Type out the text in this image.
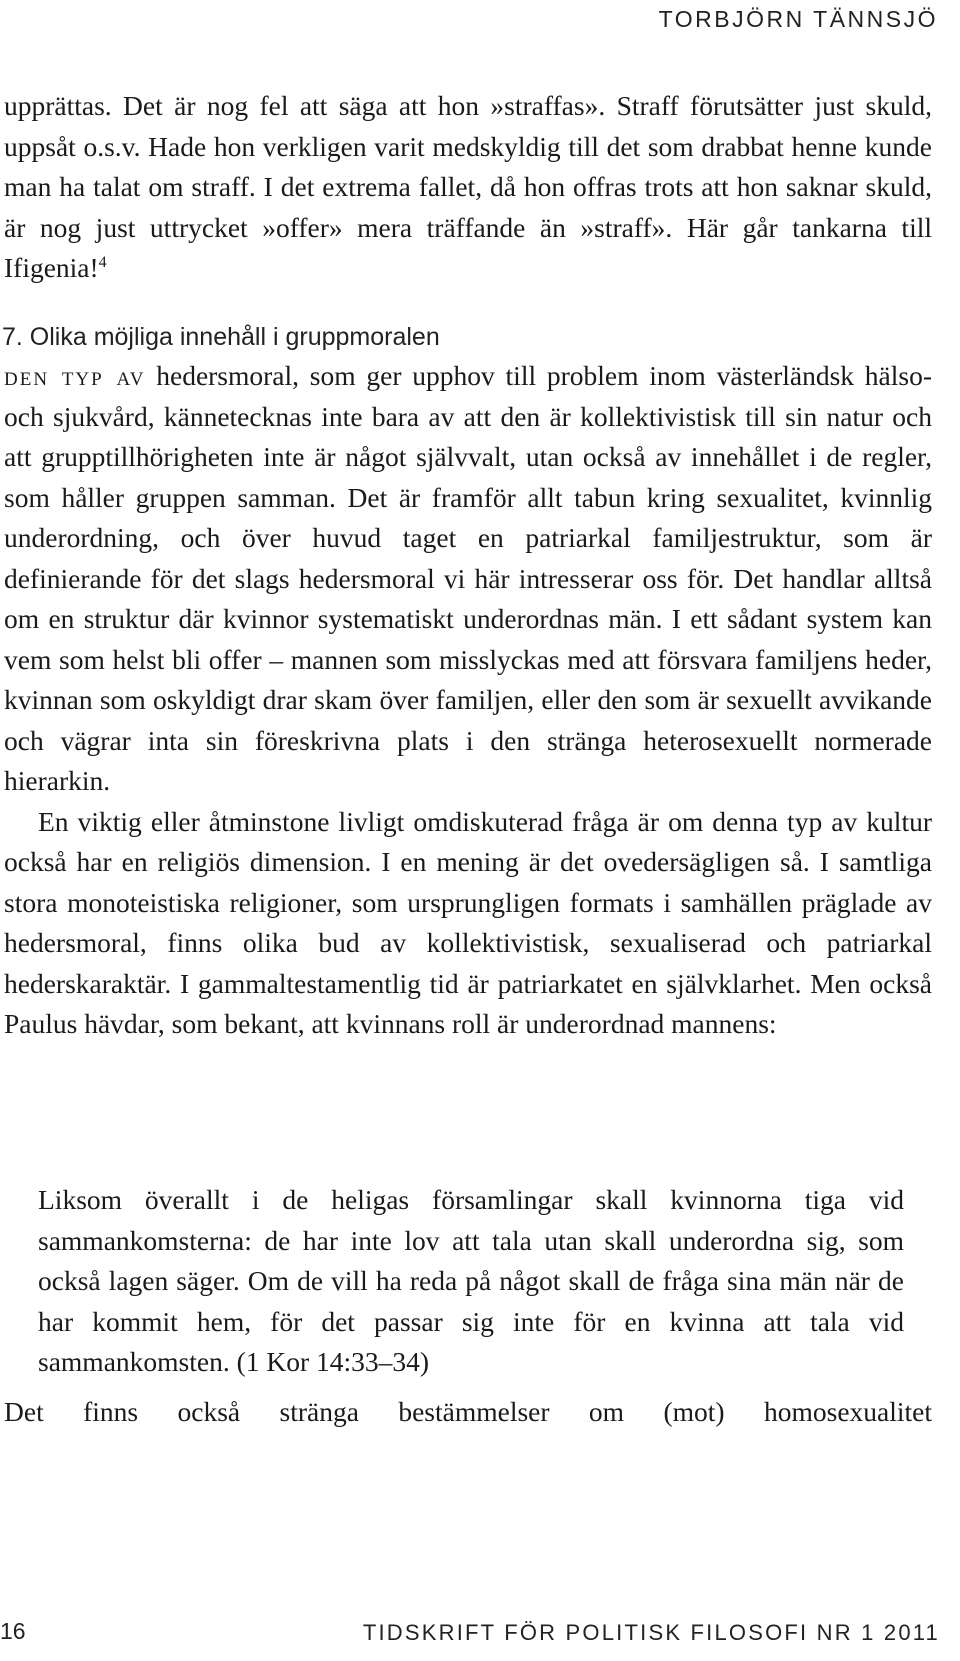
TORBJÖRN TÄNNSJÖ

upprättas. Det är nog fel att säga att hon »straffas». Straff förutsätter just skuld, uppsåt o.s.v. Hade hon verkligen varit medskyldig till det som drabbat henne kunde man ha talat om straff. I det extrema fallet, då hon offras trots att hon saknar skuld, är nog just uttrycket »offer» mera träffande än »straff». Här går tankarna till Ifigenia!$^4$

7. Olika möjliga innehåll i gruppmoralen

den typ av hedersmoral, som ger upphov till problem inom västerländsk hälso- och sjukvård, kännetecknas inte bara av att den är kollektivistisk till sin natur och att grupptillhörigheten inte är något självvalt, utan också av innehållet i de regler, som håller gruppen samman. Det är framför allt tabun kring sexualitet, kvinnlig underordning, och över huvud taget en patriarkal familjestruktur, som är definierande för det slags hedersmoral vi här intresserar oss för. Det handlar alltså om en struktur där kvinnor systematiskt underordnas män. I ett sådant system kan vem som helst bli offer – mannen som misslyckas med att försvara familjens heder, kvinnan som oskyldigt drar skam över familjen, eller den som är sexuellt avvikande och vägrar inta sin föreskrivna plats i den stränga heterosexuellt normerade hierarkin.

En viktig eller åtminstone livligt omdiskuterad fråga är om denna typ av kultur också har en religiös dimension. I en mening är det ovedersägligen så. I samtliga stora monoteistiska religioner, som ursprungligen formats i samhällen präglade av hedersmoral, finns olika bud av kollektivistisk, sexualiserad och patriarkal hederskaraktär. I gammaltestamentlig tid är patriarkatet en självklarhet. Men också Paulus hävdar, som bekant, att kvinnans roll är underordnad mannens:

Liksom överallt i de heligas församlingar skall kvinnorna tiga vid sammankomsterna: de har inte lov att tala utan skall underordna sig, som också lagen säger. Om de vill ha reda på något skall de fråga sina män när de har kommit hem, för det passar sig inte för en kvinna att tala vid sammankomsten. (1 Kor 14:33–34)
Det finns också stränga bestämmelser om (mot) homosexualitet
16	TIDSKRIFT FÖR POLITISK FILOSOFI NR 1 2011
